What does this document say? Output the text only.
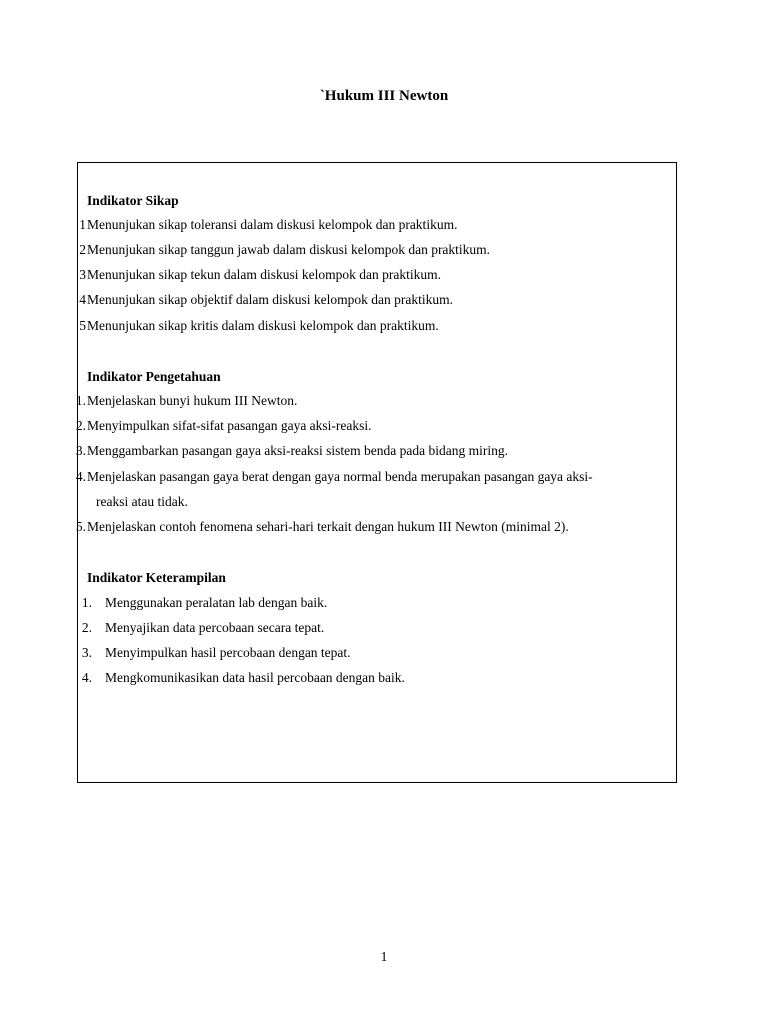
`Hukum III Newton

Indikator Sikap

1 Menunjukan sikap toleransi dalam diskusi kelompok dan praktikum.
2 Menunjukan sikap tanggun jawab dalam diskusi kelompok dan praktikum.
3 Menunjukan sikap tekun dalam diskusi kelompok dan praktikum.
4 Menunjukan sikap objektif dalam diskusi kelompok dan praktikum.
5 Menunjukan sikap kritis dalam diskusi kelompok dan praktikum.

Indikator Pengetahuan

1. Menjelaskan bunyi hukum III Newton.
2. Menyimpulkan sifat-sifat pasangan gaya aksi-reaksi.
3. Menggambarkan pasangan gaya aksi-reaksi sistem benda pada bidang miring.
4. Menjelaskan pasangan gaya berat dengan gaya normal benda merupakan pasangan gaya aksi-
reaksi atau tidak.
5. Menjelaskan contoh fenomena sehari-hari terkait dengan hukum III Newton (minimal 2).

Indikator Keterampilan

1. Menggunakan peralatan lab dengan baik.
2. Menyajikan data percobaan secara tepat.
3. Menyimpulkan hasil percobaan dengan tepat.
4. Mengkomunikasikan data hasil percobaan dengan baik.
1
